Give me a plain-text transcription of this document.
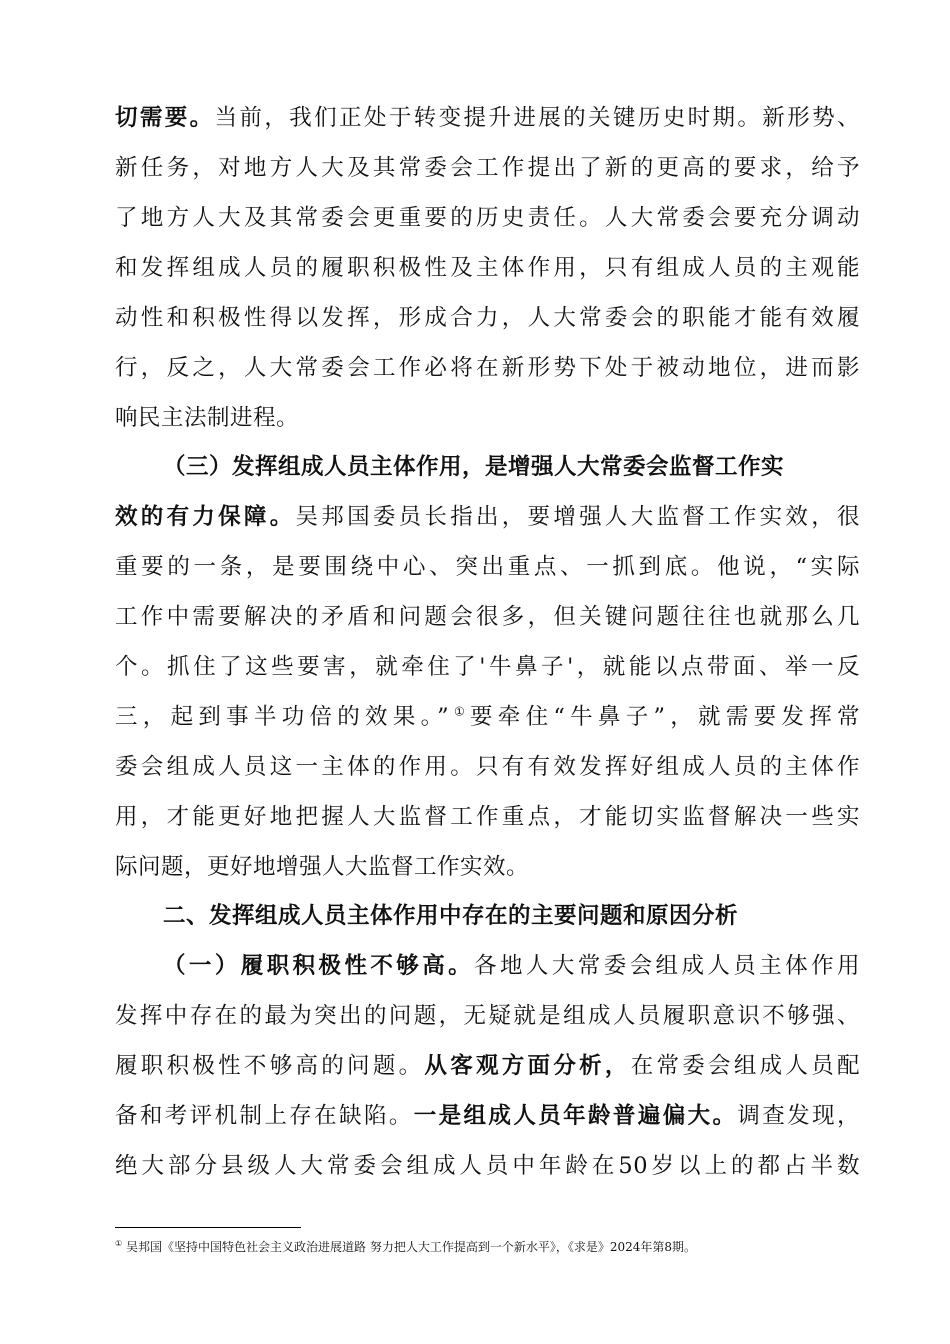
切需要。当前，我们正处于转变提升进展的关键历史时期。新形势、
新任务，对地方人大及其常委会工作提出了新的更高的要求，给予
了地方人大及其常委会更重要的历史责任。人大常委会要充分调动
和发挥组成人员的履职积极性及主体作用，只有组成人员的主观能
动性和积极性得以发挥，形成合力，人大常委会的职能才能有效履
行，反之，人大常委会工作必将在新形势下处于被动地位，进而影
响民主法制进程。
（三）发挥组成人员主体作用，是增强人大常委会监督工作实
效的有力保障。吴邦国委员长指出，要增强人大监督工作实效，很
重要的一条，是要围绕中心、突出重点、一抓到底。他说，“实际
工作中需要解决的矛盾和问题会很多，但关键问题往往也就那么几
个。抓住了这些要害，就牵住了'牛鼻子'，就能以点带面、举一反
三，起到事半功倍的效果。”①要牵住“牛鼻子”，就需要发挥常
委会组成人员这一主体的作用。只有有效发挥好组成人员的主体作
用，才能更好地把握人大监督工作重点，才能切实监督解决一些实
际问题，更好地增强人大监督工作实效。
二、发挥组成人员主体作用中存在的主要问题和原因分析
（一）履职积极性不够高。各地人大常委会组成人员主体作用
发挥中存在的最为突出的问题，无疑就是组成人员履职意识不够强、
履职积极性不够高的问题。从客观方面分析，在常委会组成人员配
备和考评机制上存在缺陷。一是组成人员年龄普遍偏大。调查发现，
绝大部分县级人大常委会组成人员中年龄在50岁以上的都占半数
① 吴邦国《坚持中国特色社会主义政治进展道路 努力把人大工作提高到一个新水平》，《求是》2024年第8期。
